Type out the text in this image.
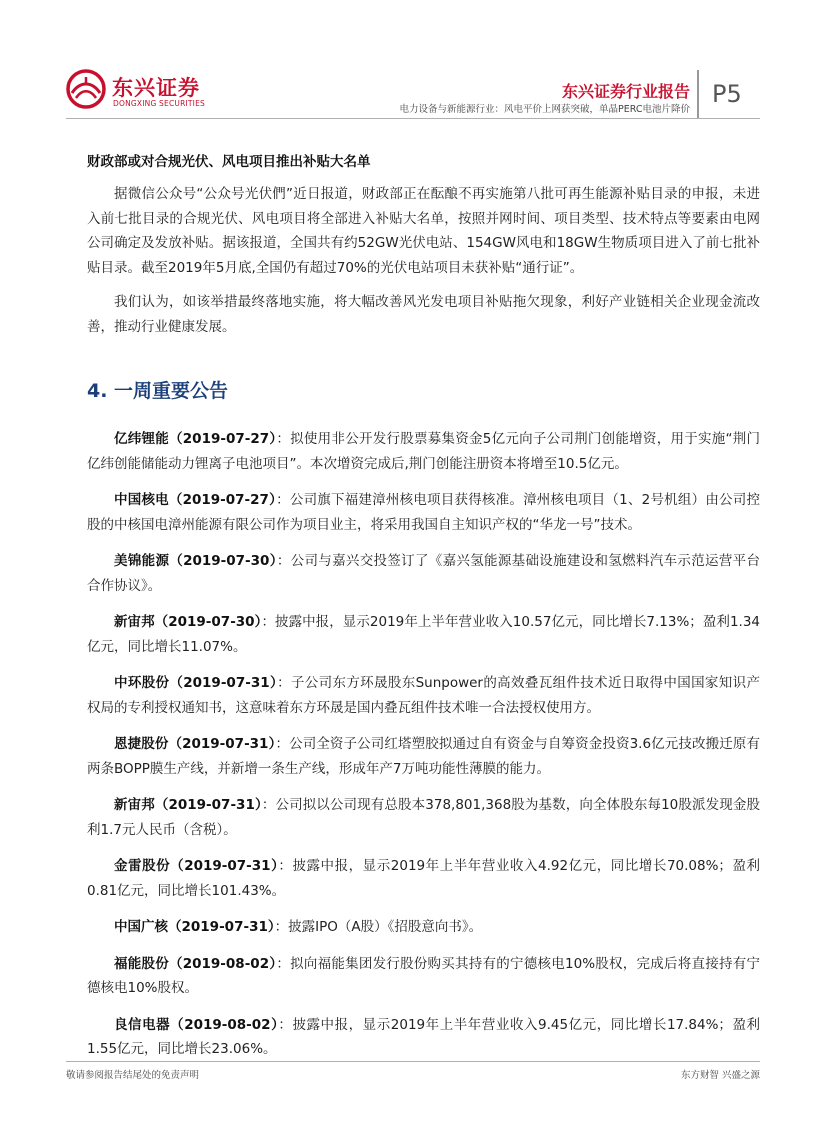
东兴证券
DONGXING SECURITIES
东兴证券行业报告
电力设备与新能源行业：风电平价上网获突破，单晶PERC电池片降价
P5
财政部或对合规光伏、风电项目推出补贴大名单

据微信公众号“公众号光伏們”近日报道，财政部正在酝酿不再实施第八批可再生能源补贴目录的申报，未进入前七批目录的合规光伏、风电项目将全部进入补贴大名单，按照并网时间、项目类型、技术特点等要素由电网公司确定及发放补贴。据该报道，全国共有约52GW光伏电站、154GW风电和18GW生物质项目进入了前七批补贴目录。截至2019年5月底,全国仍有超过70%的光伏电站项目未获补贴“通行证”。

我们认为，如该举措最终落地实施，将大幅改善风光发电项目补贴拖欠现象，利好产业链相关企业现金流改善，推动行业健康发展。

4. 一周重要公告

亿纬锂能（2019-07-27）：拟使用非公开发行股票募集资金5亿元向子公司荆门创能增资，用于实施“荆门亿纬创能储能动力锂离子电池项目”。本次增资完成后,荆门创能注册资本将增至10.5亿元。

中国核电（2019-07-27）：公司旗下福建漳州核电项目获得核准。漳州核电项目（1、2号机组）由公司控股的中核国电漳州能源有限公司作为项目业主，将采用我国自主知识产权的“华龙一号”技术。

美锦能源（2019-07-30）：公司与嘉兴交投签订了《嘉兴氢能源基础设施建设和氢燃料汽车示范运营平台合作协议》。

新宙邦（2019-07-30）：披露中报，显示2019年上半年营业收入10.57亿元，同比增长7.13%；盈利1.34亿元，同比增长11.07%。

中环股份（2019-07-31）：子公司东方环晟股东Sunpower的高效叠瓦组件技术近日取得中国国家知识产权局的专利授权通知书，这意味着东方环晟是国内叠瓦组件技术唯一合法授权使用方。

恩捷股份（2019-07-31）：公司全资子公司红塔塑胶拟通过自有资金与自筹资金投资3.6亿元技改搬迁原有两条BOPP膜生产线，并新增一条生产线，形成年产7万吨功能性薄膜的能力。

新宙邦（2019-07-31）：公司拟以公司现有总股本378,801,368股为基数，向全体股东每10股派发现金股利1.7元人民币（含税）。

金雷股份（2019-07-31）：披露中报，显示2019年上半年营业收入4.92亿元，同比增长70.08%；盈利0.81亿元，同比增长101.43%。

中国广核（2019-07-31）：披露IPO（A股）《招股意向书》。

福能股份（2019-08-02）：拟向福能集团发行股份购买其持有的宁德核电10%股权，完成后将直接持有宁德核电10%股权。

良信电器（2019-08-02）：披露中报，显示2019年上半年营业收入9.45亿元，同比增长17.84%；盈利1.55亿元，同比增长23.06%。

敬请参阅报告结尾处的免责声明	东方财智 兴盛之源
